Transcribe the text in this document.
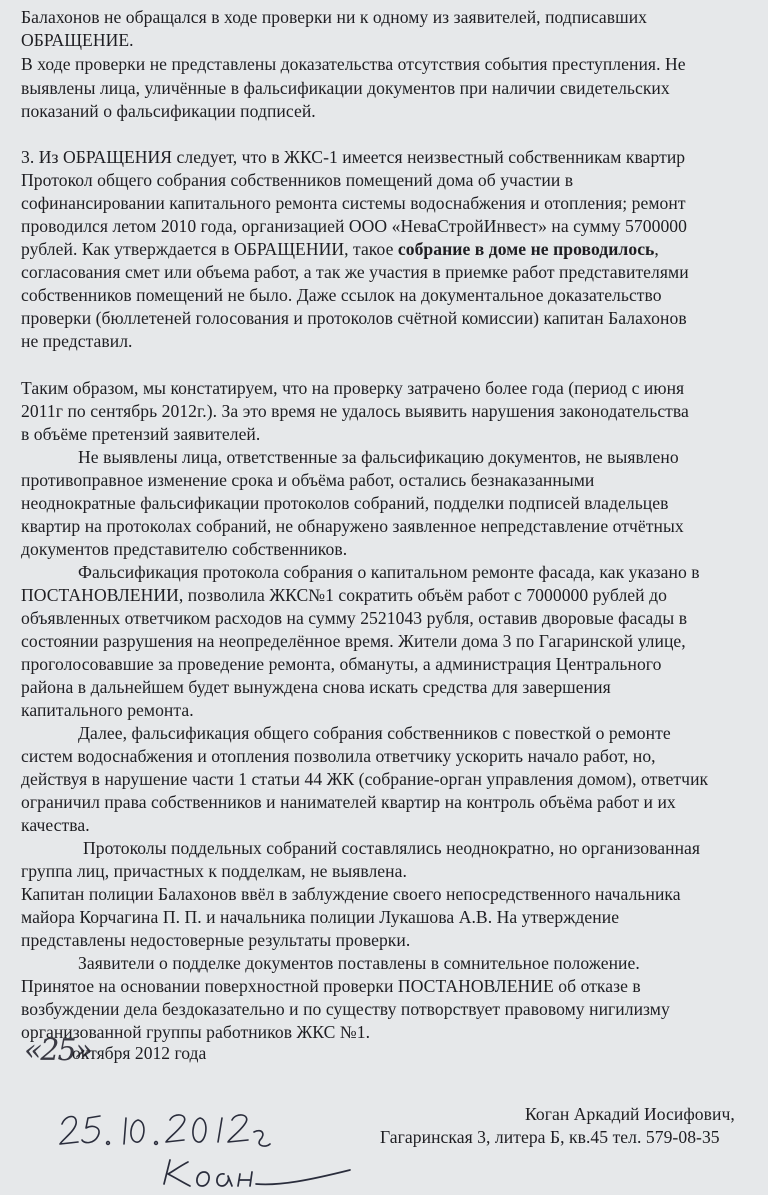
Балахонов не обращался в ходе проверки ни к одному из заявителей, подписавших
ОБРАЩЕНИЕ.
В ходе проверки не представлены доказательства отсутствия события преступления. Не
выявлены лица, уличённые в фальсификации документов при наличии свидетельских
показаний о фальсификации подписей.
3. Из ОБРАЩЕНИЯ следует, что в ЖКС-1 имеется неизвестный собственникам квартир
Протокол общего собрания собственников помещений дома об участии в
софинансировании капитального ремонта системы водоснабжения и отопления; ремонт
проводился летом 2010 года, организацией ООО «НеваСтройИнвест» на сумму 5700000
рублей. Как утверждается в ОБРАЩЕНИИ, такое собрание в доме не проводилось,
согласования смет или объема работ, а так же участия в приемке работ представителями
собственников помещений не было. Даже ссылок на документальное доказательство
проверки (бюллетеней голосования и протоколов счётной комиссии) капитан Балахонов
не представил.
Таким образом, мы констатируем, что на проверку затрачено более года (период с июня
2011г по сентябрь 2012г.). За это время не удалось выявить нарушения законодательства
в объёме претензий заявителей.
Не выявлены лица, ответственные за фальсификацию документов, не выявлено
противоправное изменение срока и объёма работ, остались безнаказанными
неоднократные фальсификации протоколов собраний, подделки подписей владельцев
квартир на протоколах собраний, не обнаружено заявленное непредставление отчётных
документов представителю собственников.
Фальсификация протокола собрания о капитальном ремонте фасада, как указано в
ПОСТАНОВЛЕНИИ, позволила ЖКС№1 сократить объём работ с 7000000 рублей до
объявленных ответчиком расходов на сумму 2521043 рубля, оставив дворовые фасады в
состоянии разрушения на неопределённое время. Жители дома 3 по Гагаринской улице,
проголосовавшие за проведение ремонта, обмануты, а администрация Центрального
района в дальнейшем будет вынуждена снова искать средства для завершения
капитального ремонта.
Далее, фальсификация общего собрания собственников с повесткой о ремонте
систем водоснабжения и отопления позволила ответчику ускорить начало работ, но,
действуя в нарушение части 1 статьи 44 ЖК (собрание-орган управления домом), ответчик
ограничил права собственников и нанимателей квартир на контроль объёма работ и их
качества.
Протоколы поддельных собраний составлялись неоднократно, но организованная
группа лиц, причастных к подделкам, не выявлена.
Капитан полиции Балахонов ввёл в заблуждение своего непосредственного начальника
майора Корчагина П. П. и начальника полиции Лукашова А.В. На утверждение
представлены недостоверные результаты проверки.
Заявители о подделке документов поставлены в сомнительное положение.
Принятое на основании поверхностной проверки ПОСТАНОВЛЕНИЕ об отказе в
возбуждении дела бездоказательно и по существу потворствует правовому нигилизму
организованной группы работников ЖКС №1.
«25»
октября 2012 года
Коган Аркадий Иосифович,
Гагаринская 3, литера Б, кв.45 тел. 579-08-35
